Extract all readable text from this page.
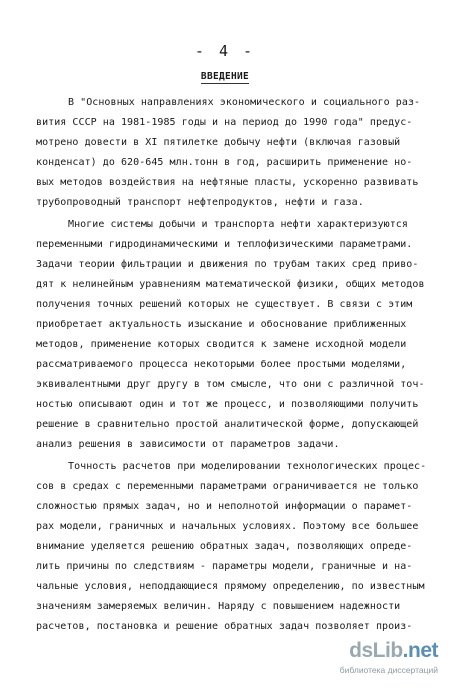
- 4 -
ВВЕДЕНИЕ
В "Основных направлениях экономического и социального раз-
вития СССР на 1981-1985 годы и на период до 1990 года" предус-
мотрено довести в XI пятилетке добычу нефти (включая газовый
конденсат) до 620-645 млн.тонн в год, расширить применение но-
вых методов воздействия на нефтяные пласты, ускоренно развивать
трубопроводный транспорт нефтепродуктов, нефти и газа.
Многие системы добычи и транспорта нефти характеризуются
переменными гидродинамическими и теплофизическими параметрами.
Задачи теории фильтрации и движения по трубам таких сред приво-
дят к нелинейным уравнениям математической физики, общих методов
получения точных решений которых не существует. В связи с этим
приобретает актуальность изыскание и обоснование приближенных
методов, применение которых сводится к замене исходной модели
рассматриваемого процесса некоторыми более простыми моделями,
эквивалентными друг другу в том смысле, что они с различной точ-
ностью описывают один и тот же процесс, и позволяющими получить
решение в сравнительно простой аналитической форме, допускающей
анализ решения в зависимости от параметров задачи.
Точность расчетов при моделировании технологических процес-
сов в средах с переменными параметрами ограничивается не только
сложностью прямых задач, но и неполнотой информации о парамет-
рах модели, граничных и начальных условиях. Поэтому все большее
внимание уделяется решению обратных задач, позволяющих опреде-
лить причины по следствиям - параметры модели, граничные и на-
чальные условия, неподдающиеся прямому определению, по известным
значениям замеряемых величин. Наряду с повышением надежности
расчетов, постановка и решение обратных задач позволяет произ-
dsLib.net
библиотека диссертаций
